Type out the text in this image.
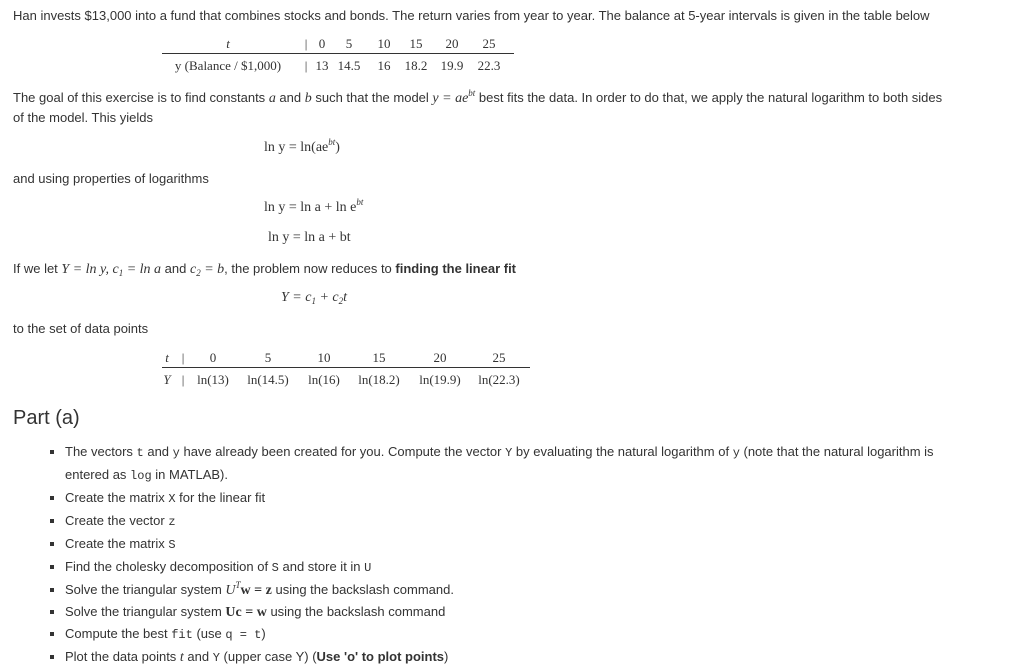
Han invests $13,000 into a fund that combines stocks and bonds. The return varies from year to year. The balance at 5-year intervals is given in the table below
t	| 0	5	10	15	20	25
y (Balance / $1,000)	| 13 14.5	16	18.2	19.9	22.3
The goal of this exercise is to find constants a and b such that the model $y = ae^{bt}$ best fits the data. In order to do that, we apply the natural logarithm to both sides
of the model. This yields
$\ln y = \ln(ae^{bt})$
and using properties of logarithms
$\ln y = \ln a + \ln e^{bt}$
ln y = ln a + bt
If we let Y = ln y, $c_1 = \ln a$ and $c_2 = b$, the problem now reduces to finding the linear fit
$Y = c_1 + c_2t$
to the set of data points
t |	0	5	10	15	20	25
Y | ln(13)	ln(14.5)	ln(16)	ln(18.2)	ln(19.9)	ln(22.3)
Part (a)
The vectors t and y have already been created for you. Compute the vector Y by evaluating the natural logarithm of y (note that the natural logarithm is
entered as log in MATLAB).
Create the matrix X for the linear fit
Create the vector z
Create the matrix S
Find the cholesky decomposition of S and store it in U
Solve the triangular system $U^Tw = z$ using the backslash command.
Solve the triangular system Uc = w using the backslash command
Compute the best fit (use q = t)
Plot the data points t and Y (upper case Y) (Use 'o' to plot points)
